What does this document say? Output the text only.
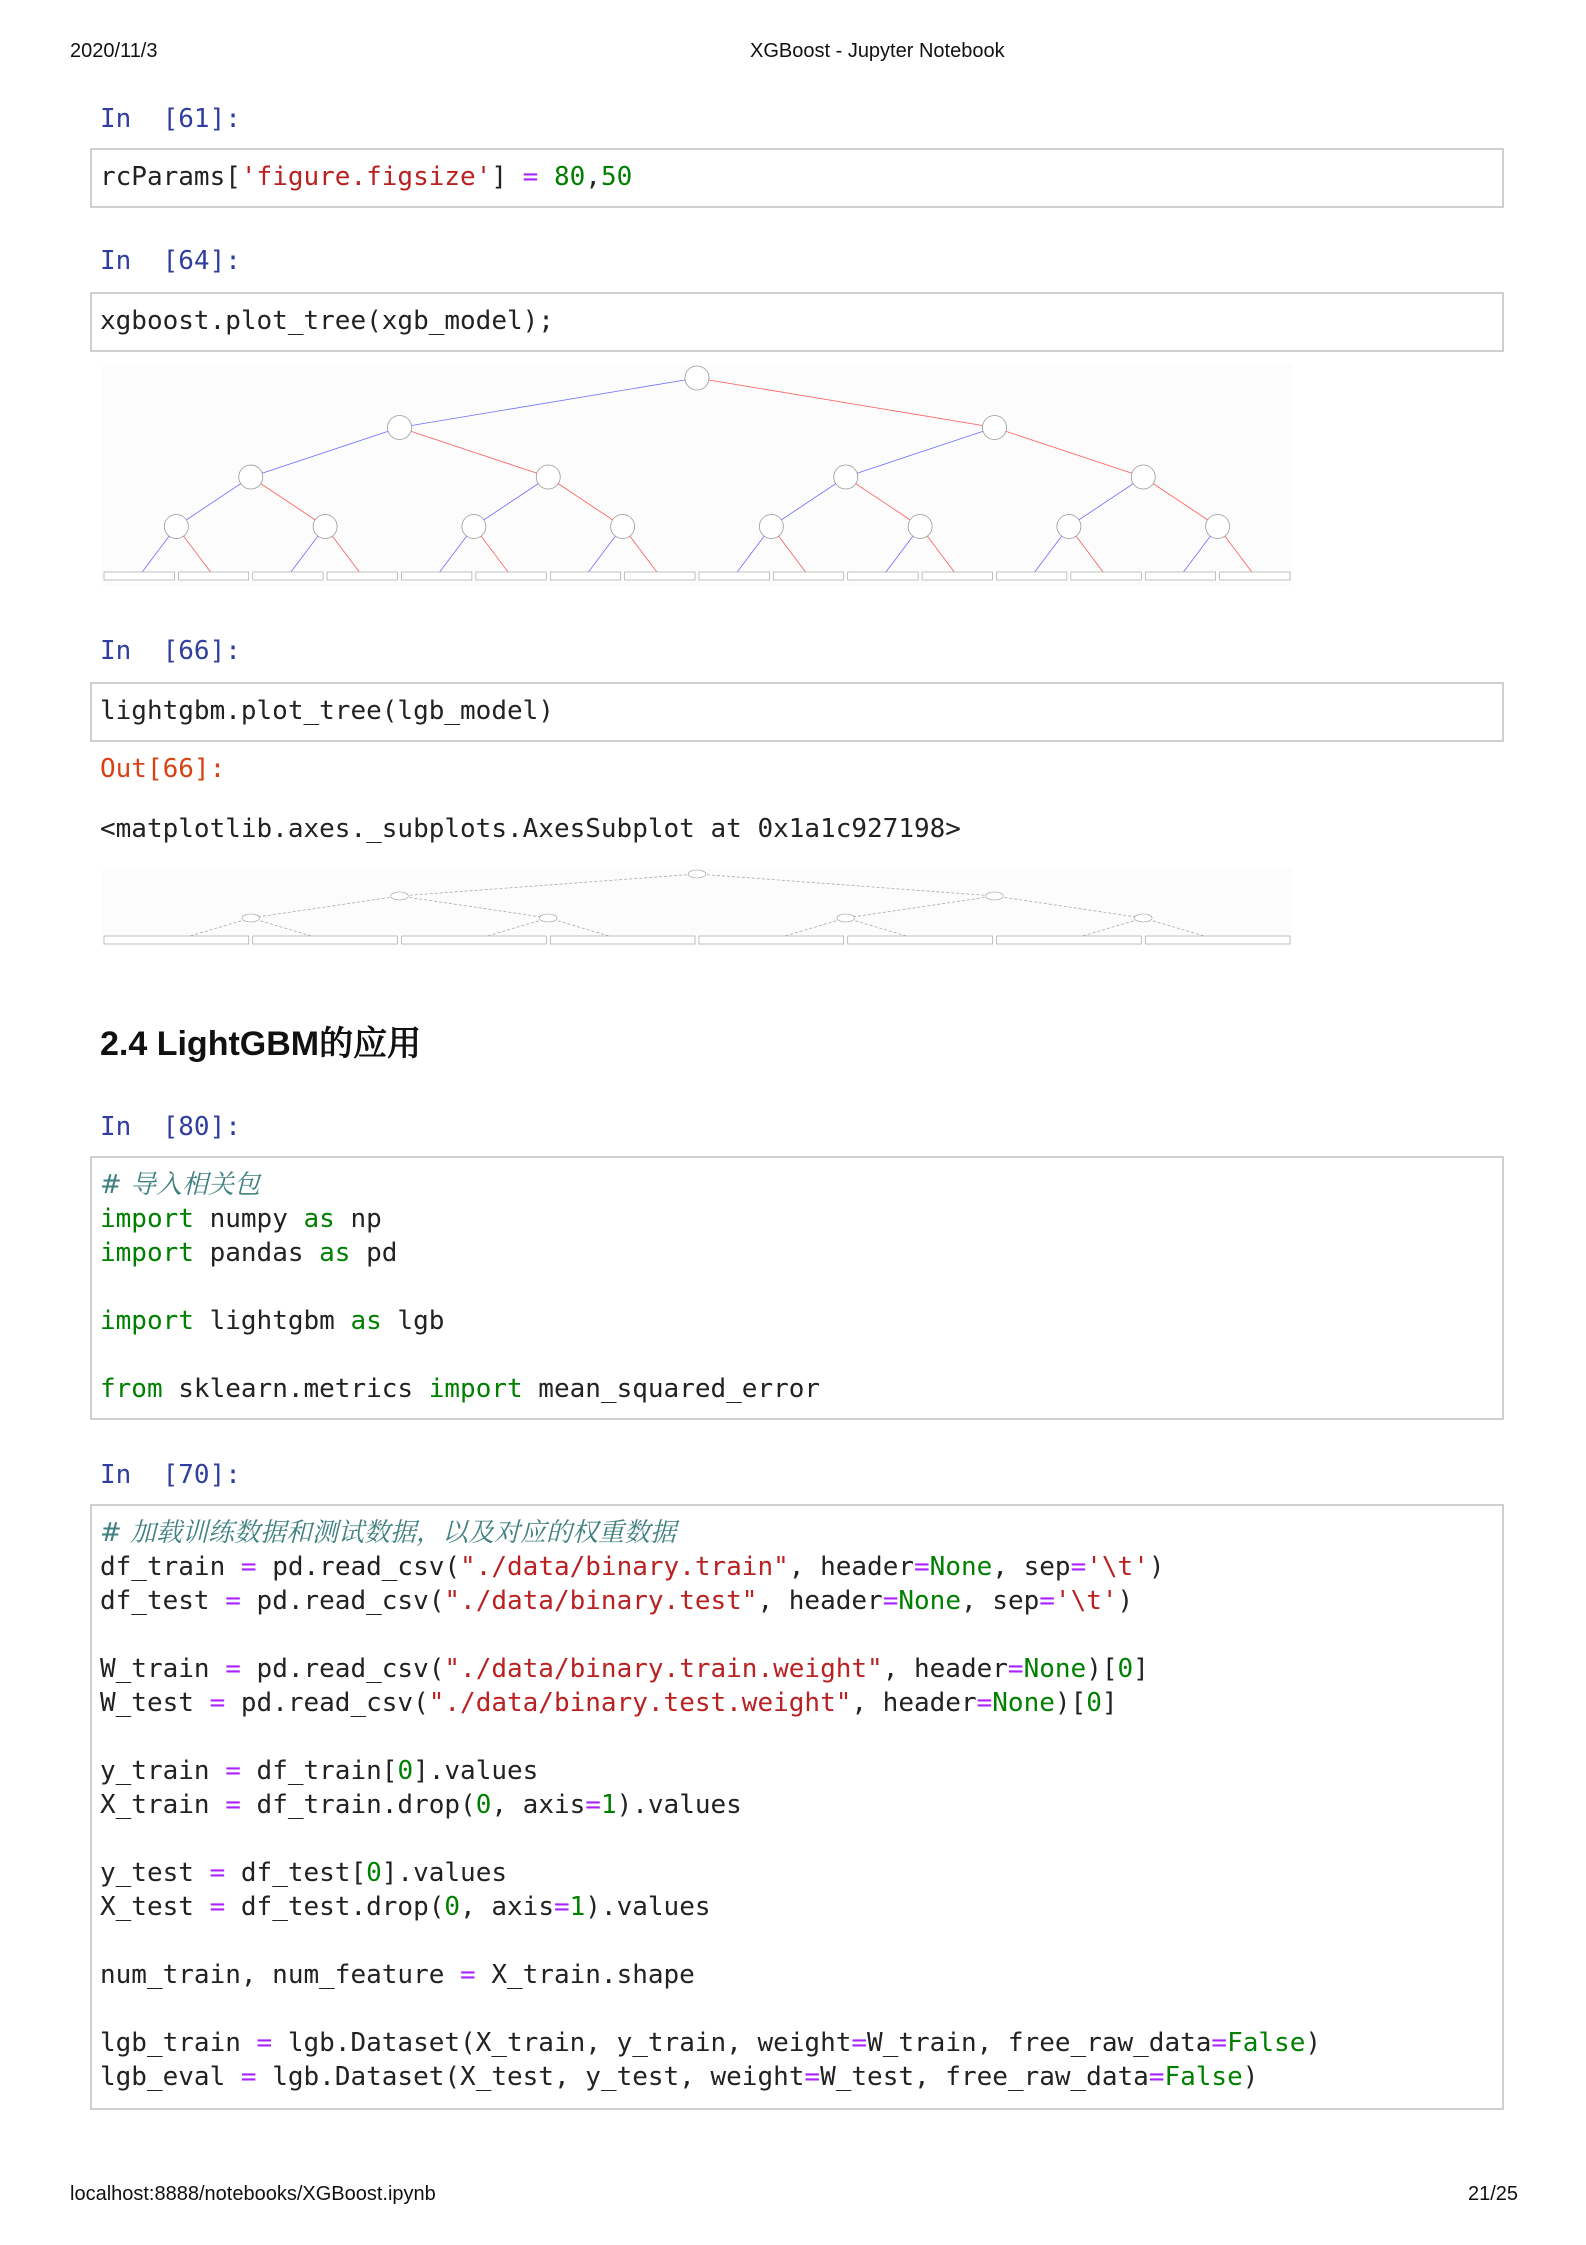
2020/11/3	XGBoost - Jupyter Notebook
localhost:8888/notebooks/XGBoost.ipynb	21/25
In  [61]:
rcParams['figure.figsize'] = 80,50
In  [64]:
xgboost.plot_tree(xgb_model);
In  [66]:
lightgbm.plot_tree(lgb_model)
Out[66]:
<matplotlib.axes._subplots.AxesSubplot at 0x1a1c927198>
2.4 LightGBM的应用
In  [80]:
# 导入相关包
import numpy as np
import pandas as pd

import lightgbm as lgb

from sklearn.metrics import mean_squared_error
In  [70]:
# 加载训练数据和测试数据，以及对应的权重数据
df_train = pd.read_csv("./data/binary.train", header=None, sep='\t')
df_test = pd.read_csv("./data/binary.test", header=None, sep='\t')

W_train = pd.read_csv("./data/binary.train.weight", header=None)[0]
W_test = pd.read_csv("./data/binary.test.weight", header=None)[0]

y_train = df_train[0].values
X_train = df_train.drop(0, axis=1).values

y_test = df_test[0].values
X_test = df_test.drop(0, axis=1).values

num_train, num_feature = X_train.shape

lgb_train = lgb.Dataset(X_train, y_train, weight=W_train, free_raw_data=False)
lgb_eval = lgb.Dataset(X_test, y_test, weight=W_test, free_raw_data=False)
